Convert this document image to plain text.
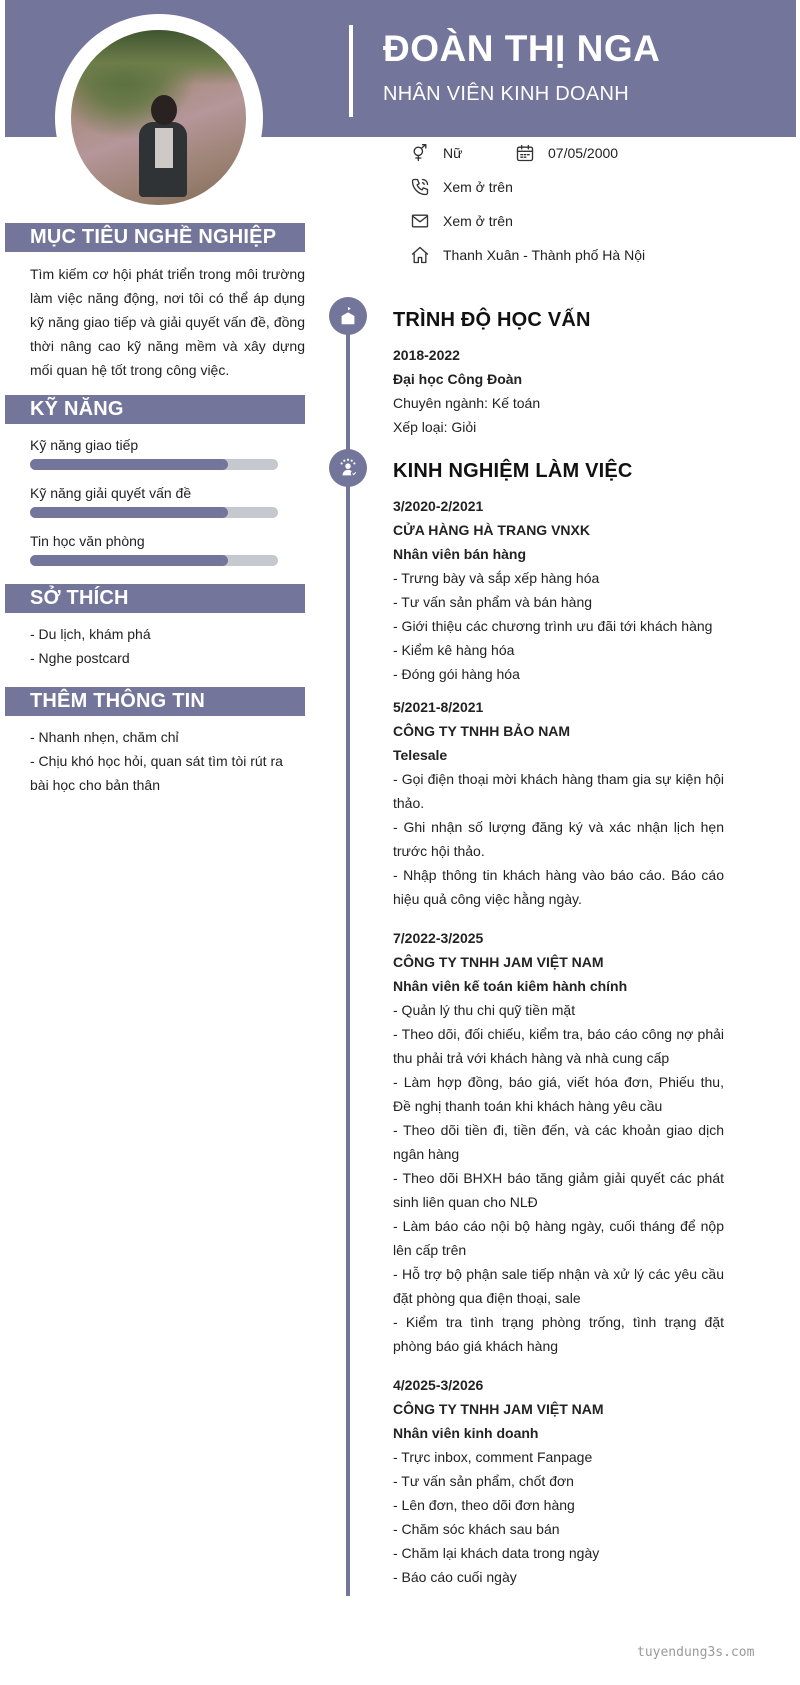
ĐOÀN THỊ NGA
NHÂN VIÊN KINH DOANH
Nữ	07/05/2000
Xem ở trên
Xem ở trên
Thanh Xuân - Thành phố Hà Nội
MỤC TIÊU NGHỀ NGHIỆP
Tìm kiếm cơ hội phát triển trong môi trường làm việc năng động, nơi tôi có thể áp dụng kỹ năng giao tiếp và giải quyết vấn đề, đồng thời nâng cao kỹ năng mềm và xây dựng mối quan hệ tốt trong công việc.
KỸ NĂNG
Kỹ năng giao tiếp
Kỹ năng giải quyết vấn đề
Tin học văn phòng
SỞ THÍCH
- Du lịch, khám phá
- Nghe postcard
THÊM THÔNG TIN
- Nhanh nhẹn, chăm chỉ
- Chịu khó học hỏi, quan sát tìm tòi rút ra bài học cho bản thân
TRÌNH ĐỘ HỌC VẤN
2018-2022
Đại học Công Đoàn
Chuyên ngành: Kế toán
Xếp loại: Giỏi
KINH NGHIỆM LÀM VIỆC
3/2020-2/2021
CỬA HÀNG HÀ TRANG VNXK
Nhân viên bán hàng
- Trưng bày và sắp xếp hàng hóa
- Tư vấn sản phẩm và bán hàng
- Giới thiệu các chương trình ưu đãi tới khách hàng
- Kiểm kê hàng hóa
- Đóng gói hàng hóa
5/2021-8/2021
CÔNG TY TNHH BẢO NAM
Telesale
- Gọi điện thoại mời khách hàng tham gia sự kiện hội thảo.
- Ghi nhận số lượng đăng ký và xác nhận lịch hẹn trước hội thảo.
- Nhập thông tin khách hàng vào báo cáo. Báo cáo hiệu quả công việc hằng ngày.
7/2022-3/2025
CÔNG TY TNHH JAM VIỆT NAM
Nhân viên kế toán kiêm hành chính
- Quản lý thu chi quỹ tiền mặt
- Theo dõi, đối chiếu, kiểm tra, báo cáo công nợ phải thu phải trả với khách hàng và nhà cung cấp
- Làm hợp đồng, báo giá, viết hóa đơn, Phiếu thu, Đề nghị thanh toán khi khách hàng yêu cầu
- Theo dõi tiền đi, tiền đến, và các khoản giao dịch ngân hàng
- Theo dõi BHXH báo tăng giảm giải quyết các phát sinh liên quan cho NLĐ
- Làm báo cáo nội bộ hàng ngày, cuối tháng để nộp lên cấp trên
- Hỗ trợ bộ phận sale tiếp nhận và xử lý các yêu cầu đặt phòng qua điện thoại, sale
- Kiểm tra tình trạng phòng trống, tình trạng đặt phòng báo giá khách hàng
4/2025-3/2026
CÔNG TY TNHH JAM VIỆT NAM
Nhân viên kinh doanh
- Trực inbox, comment Fanpage
- Tư vấn sản phẩm, chốt đơn
- Lên đơn, theo dõi đơn hàng
- Chăm sóc khách sau bán
- Chăm lại khách data trong ngày
- Báo cáo cuối ngày
tuyendung3s.com
